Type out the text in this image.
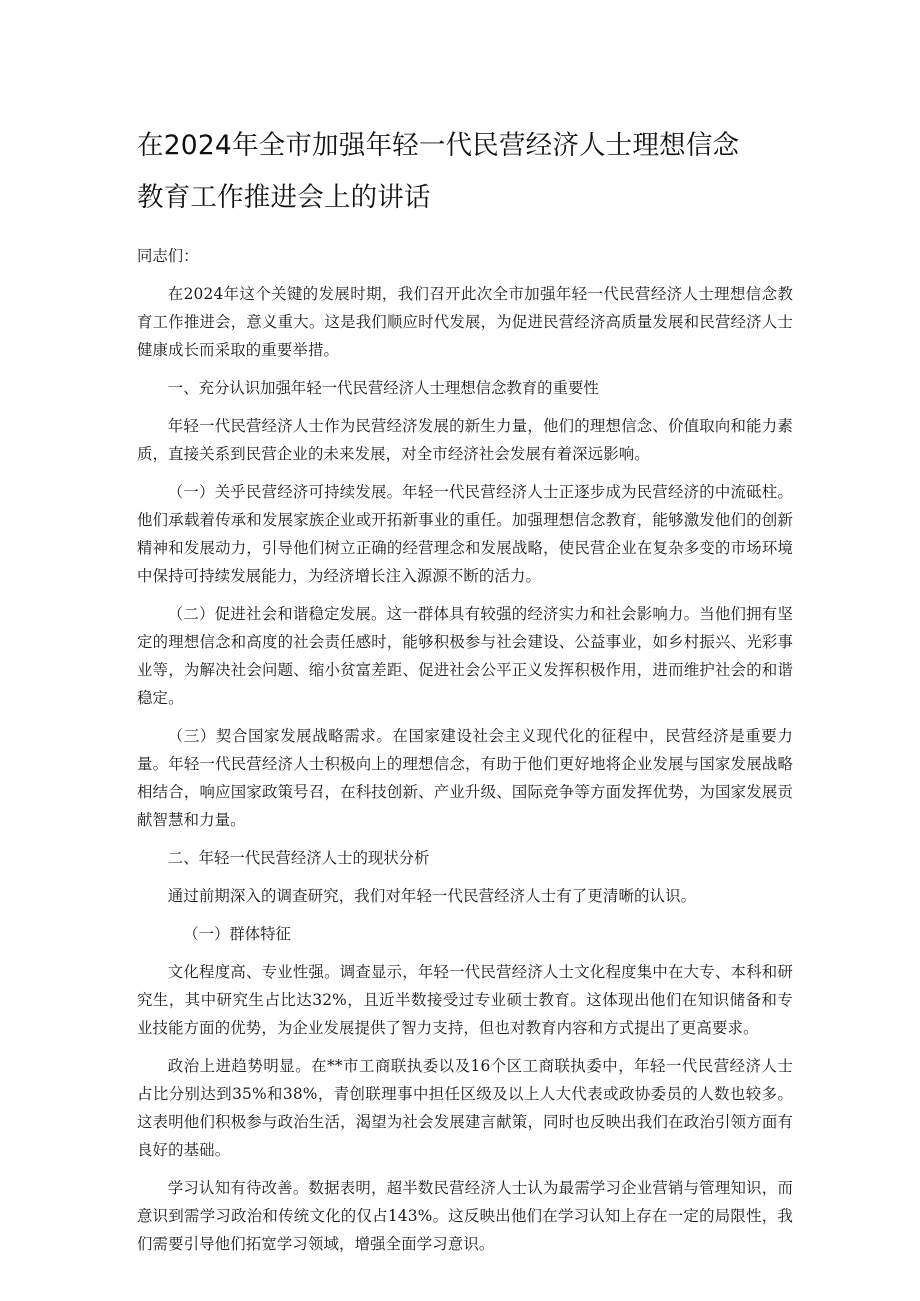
在2024年全市加强年轻一代民营经济人士理想信念
教育工作推进会上的讲话

同志们：

在2024年这个关键的发展时期，我们召开此次全市加强年轻一代民营经济人士理想信念教育工作推进会，意义重大。这是我们顺应时代发展，为促进民营经济高质量发展和民营经济人士健康成长而采取的重要举措。

一、充分认识加强年轻一代民营经济人士理想信念教育的重要性

年轻一代民营经济人士作为民营经济发展的新生力量，他们的理想信念、价值取向和能力素质，直接关系到民营企业的未来发展，对全市经济社会发展有着深远影响。

（一）关乎民营经济可持续发展。年轻一代民营经济人士正逐步成为民营经济的中流砥柱。他们承载着传承和发展家族企业或开拓新事业的重任。加强理想信念教育，能够激发他们的创新精神和发展动力，引导他们树立正确的经营理念和发展战略，使民营企业在复杂多变的市场环境中保持可持续发展能力，为经济增长注入源源不断的活力。

（二）促进社会和谐稳定发展。这一群体具有较强的经济实力和社会影响力。当他们拥有坚定的理想信念和高度的社会责任感时，能够积极参与社会建设、公益事业，如乡村振兴、光彩事业等，为解决社会问题、缩小贫富差距、促进社会公平正义发挥积极作用，进而维护社会的和谐稳定。

（三）契合国家发展战略需求。在国家建设社会主义现代化的征程中，民营经济是重要力量。年轻一代民营经济人士积极向上的理想信念，有助于他们更好地将企业发展与国家发展战略相结合，响应国家政策号召，在科技创新、产业升级、国际竞争等方面发挥优势，为国家发展贡献智慧和力量。

二、年轻一代民营经济人士的现状分析

通过前期深入的调查研究，我们对年轻一代民营经济人士有了更清晰的认识。

（一）群体特征

文化程度高、专业性强。调查显示，年轻一代民营经济人士文化程度集中在大专、本科和研究生，其中研究生占比达32%，且近半数接受过专业硕士教育。这体现出他们在知识储备和专业技能方面的优势，为企业发展提供了智力支持，但也对教育内容和方式提出了更高要求。

政治上进趋势明显。在**市工商联执委以及16个区工商联执委中，年轻一代民营经济人士占比分别达到35%和38%，青创联理事中担任区级及以上人大代表或政协委员的人数也较多。这表明他们积极参与政治生活，渴望为社会发展建言献策，同时也反映出我们在政治引领方面有良好的基础。

学习认知有待改善。数据表明，超半数民营经济人士认为最需学习企业营销与管理知识，而意识到需学习政治和传统文化的仅占143%。这反映出他们在学习认知上存在一定的局限性，我们需要引导他们拓宽学习领域，增强全面学习意识。
